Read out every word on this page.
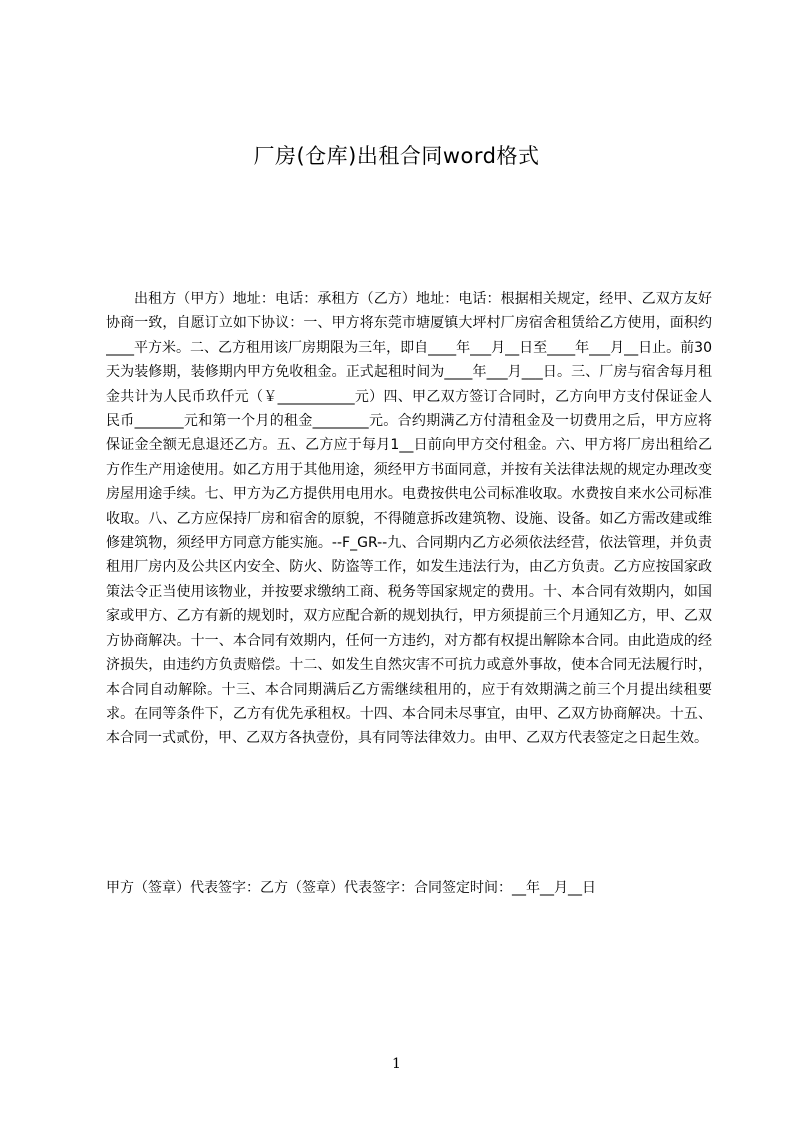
厂房(仓库)出租合同word格式
出租方（甲方）地址：电话：承租方（乙方）地址：电话：根据相关规定，经甲、乙双方友好协商一致，自愿订立如下协议：一、甲方将东莞市塘厦镇大坪村厂房宿舍租赁给乙方使用，面积约____平方米。二、乙方租用该厂房期限为三年，即自____年___月__日至____年___月__日止。前30天为装修期，装修期内甲方免收租金。正式起租时间为____年___月___日。三、厂房与宿舍每月租金共计为人民币玖仟元（￥___________元）四、甲乙双方签订合同时，乙方向甲方支付保证金人民币_______元和第一个月的租金________元。合约期满乙方付清租金及一切费用之后，甲方应将保证金全额无息退还乙方。五、乙方应于每月1__日前向甲方交付租金。六、甲方将厂房出租给乙方作生产用途使用。如乙方用于其他用途，须经甲方书面同意，并按有关法律法规的规定办理改变房屋用途手续。七、甲方为乙方提供用电用水。电费按供电公司标准收取。水费按自来水公司标准收取。八、乙方应保持厂房和宿舍的原貌，不得随意拆改建筑物、设施、设备。如乙方需改建或维修建筑物，须经甲方同意方能实施。--F_GR--九、合同期内乙方必须依法经营，依法管理，并负责租用厂房内及公共区内安全、防火、防盗等工作，如发生违法行为，由乙方负责。乙方应按国家政策法令正当使用该物业，并按要求缴纳工商、税务等国家规定的费用。十、本合同有效期内，如国家或甲方、乙方有新的规划时，双方应配合新的规划执行，甲方须提前三个月通知乙方，甲、乙双方协商解决。十一、本合同有效期内，任何一方违约，对方都有权提出解除本合同。由此造成的经济损失，由违约方负责赔偿。十二、如发生自然灾害不可抗力或意外事故，使本合同无法履行时，本合同自动解除。十三、本合同期满后乙方需继续租用的，应于有效期满之前三个月提出续租要求。在同等条件下，乙方有优先承租权。十四、本合同未尽事宜，由甲、乙双方协商解决。十五、本合同一式贰份，甲、乙双方各执壹份，具有同等法律效力。由甲、乙双方代表签定之日起生效。
甲方（签章）代表签字：乙方（签章）代表签字：合同签定时间：__年__月__日
1
